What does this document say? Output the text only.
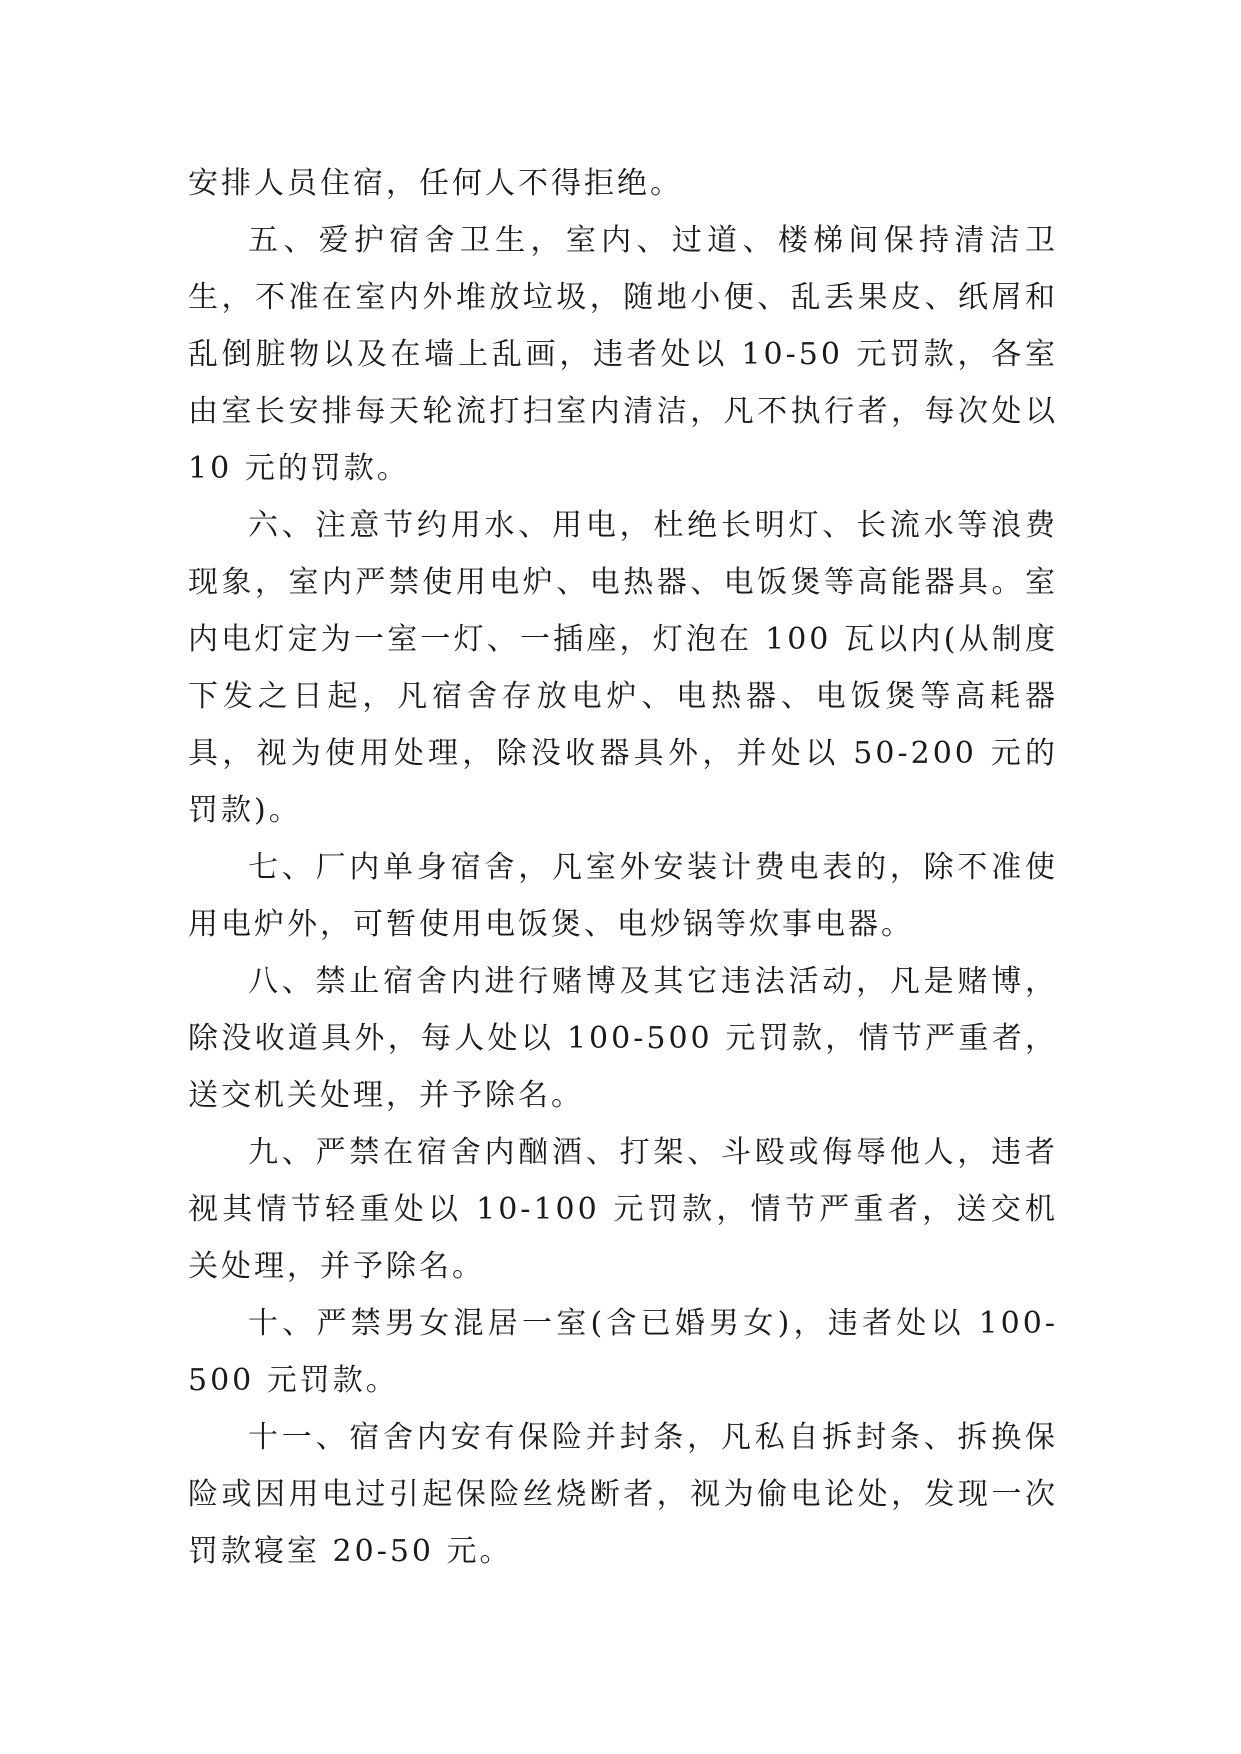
安排人员住宿，任何人不得拒绝。

五、爱护宿舍卫生，室内、过道、楼梯间保持清洁卫生，不准在室内外堆放垃圾，随地小便、乱丢果皮、纸屑和乱倒脏物以及在墙上乱画，违者处以 10-50 元罚款，各室由室长安排每天轮流打扫室内清洁，凡不执行者，每次处以 10 元的罚款。

六、注意节约用水、用电，杜绝长明灯、长流水等浪费现象，室内严禁使用电炉、电热器、电饭煲等高能器具。室内电灯定为一室一灯、一插座，灯泡在 100 瓦以内(从制度下发之日起，凡宿舍存放电炉、电热器、电饭煲等高耗器具，视为使用处理，除没收器具外，并处以 50-200 元的罚款)。

七、厂内单身宿舍，凡室外安装计费电表的，除不准使用电炉外，可暂使用电饭煲、电炒锅等炊事电器。

八、禁止宿舍内进行赌博及其它违法活动，凡是赌博，除没收道具外，每人处以 100-500 元罚款，情节严重者，送交机关处理，并予除名。

九、严禁在宿舍内酗酒、打架、斗殴或侮辱他人，违者视其情节轻重处以 10-100 元罚款，情节严重者，送交机关处理，并予除名。

十、严禁男女混居一室(含已婚男女)，违者处以 100-500 元罚款。

十一、宿舍内安有保险并封条，凡私自拆封条、拆换保险或因用电过引起保险丝烧断者，视为偷电论处，发现一次罚款寝室 20-50 元。
